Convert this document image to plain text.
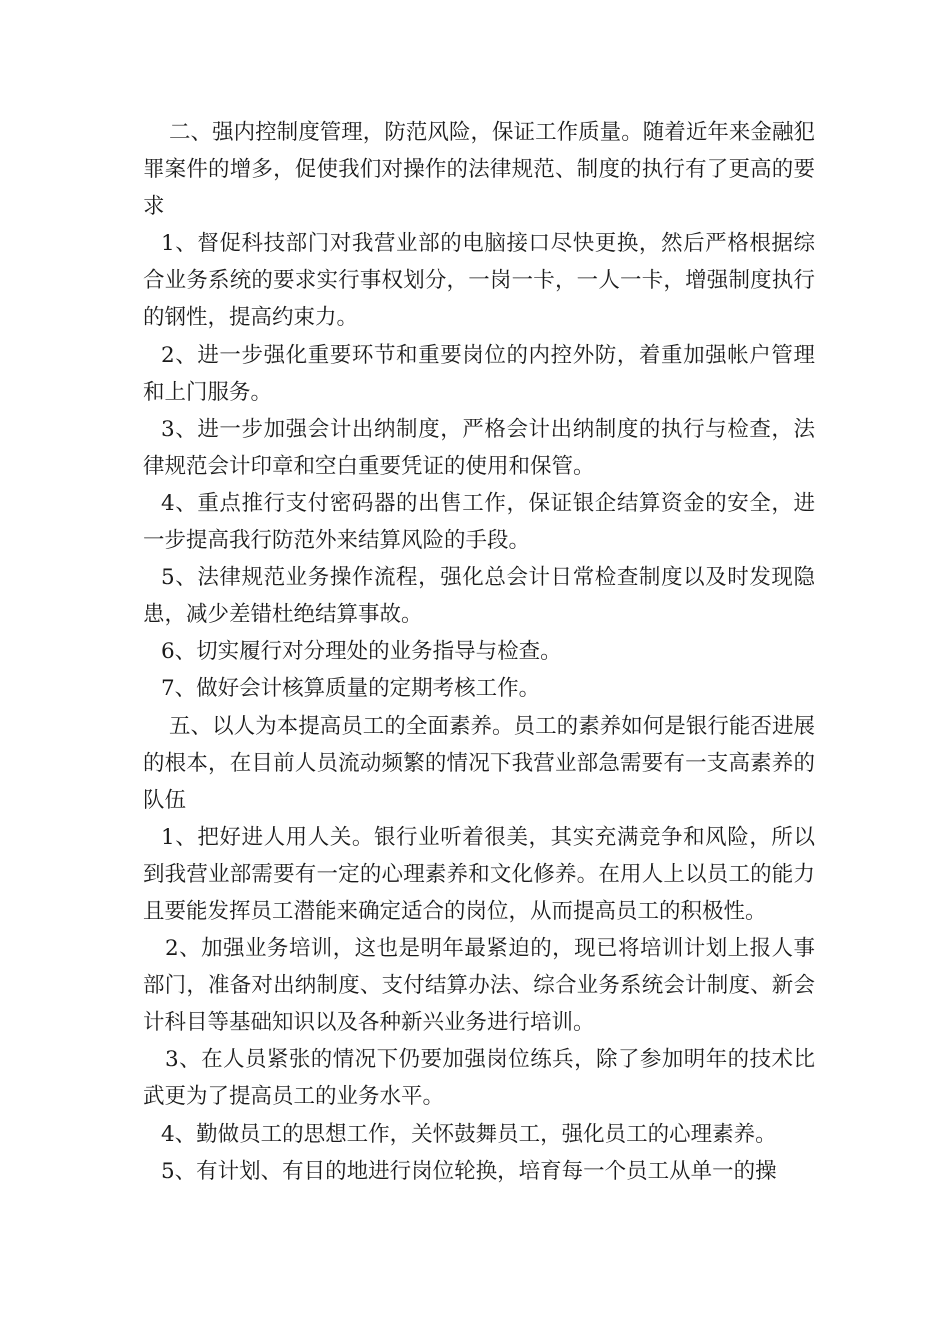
二、强内控制度管理，防范风险，保证工作质量。随着近年来金融犯罪案件的增多，促使我们对操作的法律规范、制度的执行有了更高的要求

1、督促科技部门对我营业部的电脑接口尽快更换，然后严格根据综合业务系统的要求实行事权划分，一岗一卡，一人一卡，增强制度执行的钢性，提高约束力。

2、进一步强化重要环节和重要岗位的内控外防，着重加强帐户管理和上门服务。

3、进一步加强会计出纳制度，严格会计出纳制度的执行与检查，法律规范会计印章和空白重要凭证的使用和保管。

4、重点推行支付密码器的出售工作，保证银企结算资金的安全，进一步提高我行防范外来结算风险的手段。

5、法律规范业务操作流程，强化总会计日常检查制度以及时发现隐患，减少差错杜绝结算事故。

6、切实履行对分理处的业务指导与检查。

7、做好会计核算质量的定期考核工作。

五、以人为本提高员工的全面素养。员工的素养如何是银行能否进展的根本，在目前人员流动频繁的情况下我营业部急需要有一支高素养的队伍

1、把好进人用人关。银行业听着很美，其实充满竞争和风险，所以到我营业部需要有一定的心理素养和文化修养。在用人上以员工的能力且要能发挥员工潜能来确定适合的岗位，从而提高员工的积极性。

2、加强业务培训，这也是明年最紧迫的，现已将培训计划上报人事部门，准备对出纳制度、支付结算办法、综合业务系统会计制度、新会计科目等基础知识以及各种新兴业务进行培训。

3、在人员紧张的情况下仍要加强岗位练兵，除了参加明年的技术比武更为了提高员工的业务水平。

4、勤做员工的思想工作，关怀鼓舞员工，强化员工的心理素养。

5、有计划、有目的地进行岗位轮换，培育每一个员工从单一的操
